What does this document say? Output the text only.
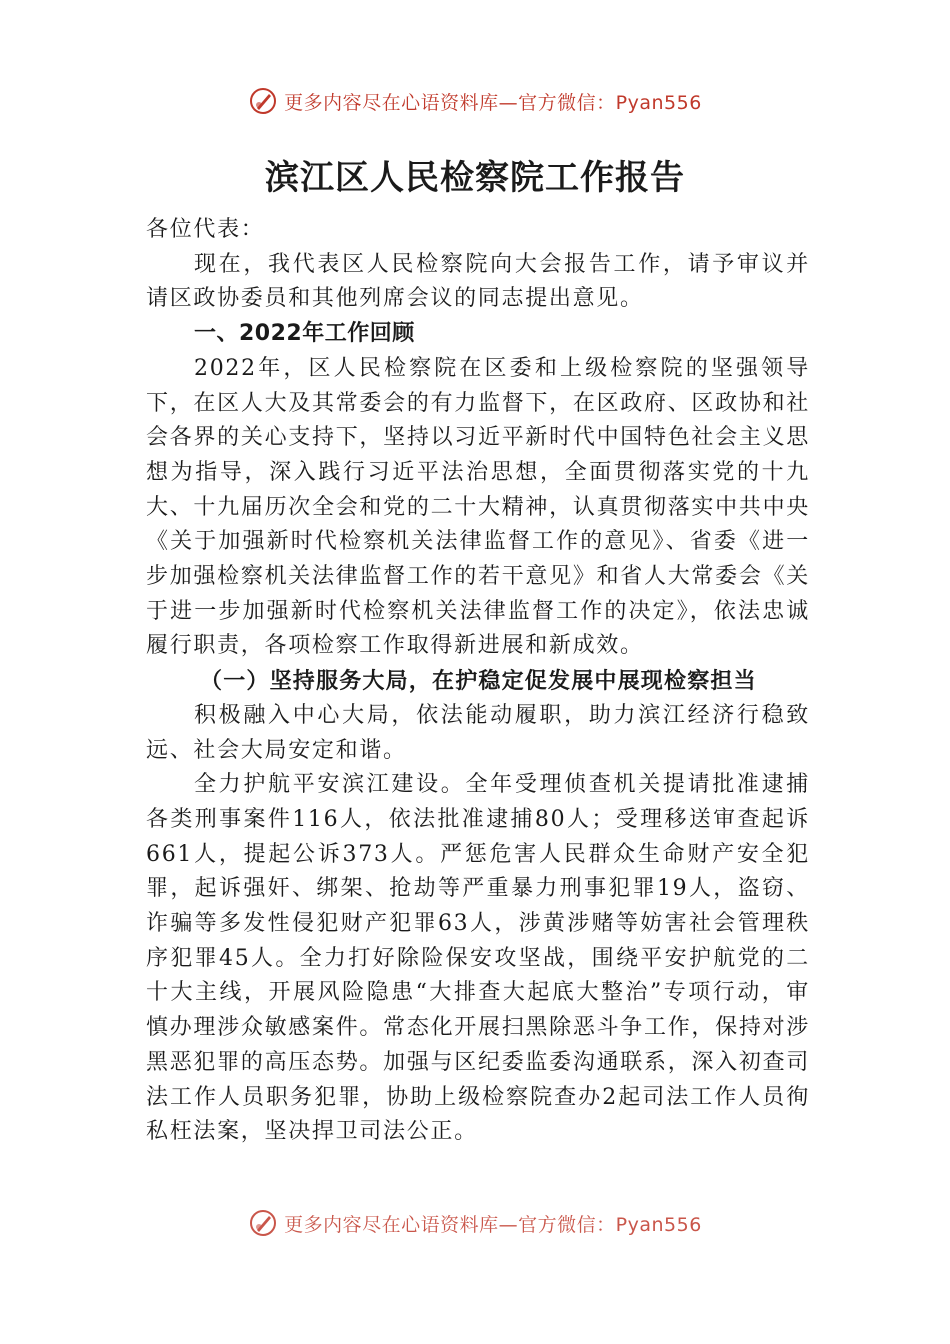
更多内容尽在心语资料库—官方微信：Pyan556
滨江区人民检察院工作报告

各位代表：

现在，我代表区人民检察院向大会报告工作，请予审议并请区政协委员和其他列席会议的同志提出意见。

一、2022年工作回顾

2022年，区人民检察院在区委和上级检察院的坚强领导下，在区人大及其常委会的有力监督下，在区政府、区政协和社会各界的关心支持下，坚持以习近平新时代中国特色社会主义思想为指导，深入践行习近平法治思想，全面贯彻落实党的十九大、十九届历次全会和党的二十大精神，认真贯彻落实中共中央《关于加强新时代检察机关法律监督工作的意见》、省委《进一步加强检察机关法律监督工作的若干意见》和省人大常委会《关于进一步加强新时代检察机关法律监督工作的决定》，依法忠诚履行职责，各项检察工作取得新进展和新成效。

（一）坚持服务大局，在护稳定促发展中展现检察担当

积极融入中心大局，依法能动履职，助力滨江经济行稳致远、社会大局安定和谐。

全力护航平安滨江建设。全年受理侦查机关提请批准逮捕各类刑事案件116人，依法批准逮捕80人；受理移送审查起诉661人，提起公诉373人。严惩危害人民群众生命财产安全犯罪，起诉强奸、绑架、抢劫等严重暴力刑事犯罪19人，盗窃、诈骗等多发性侵犯财产犯罪63人，涉黄涉赌等妨害社会管理秩序犯罪45人。全力打好除险保安攻坚战，围绕平安护航党的二十大主线，开展风险隐患“大排查大起底大整治”专项行动，审慎办理涉众敏感案件。常态化开展扫黑除恶斗争工作，保持对涉黑恶犯罪的高压态势。加强与区纪委监委沟通联系，深入初查司法工作人员职务犯罪，协助上级检察院查办2起司法工作人员徇私枉法案，坚决捍卫司法公正。

更多内容尽在心语资料库—官方微信：Pyan556
